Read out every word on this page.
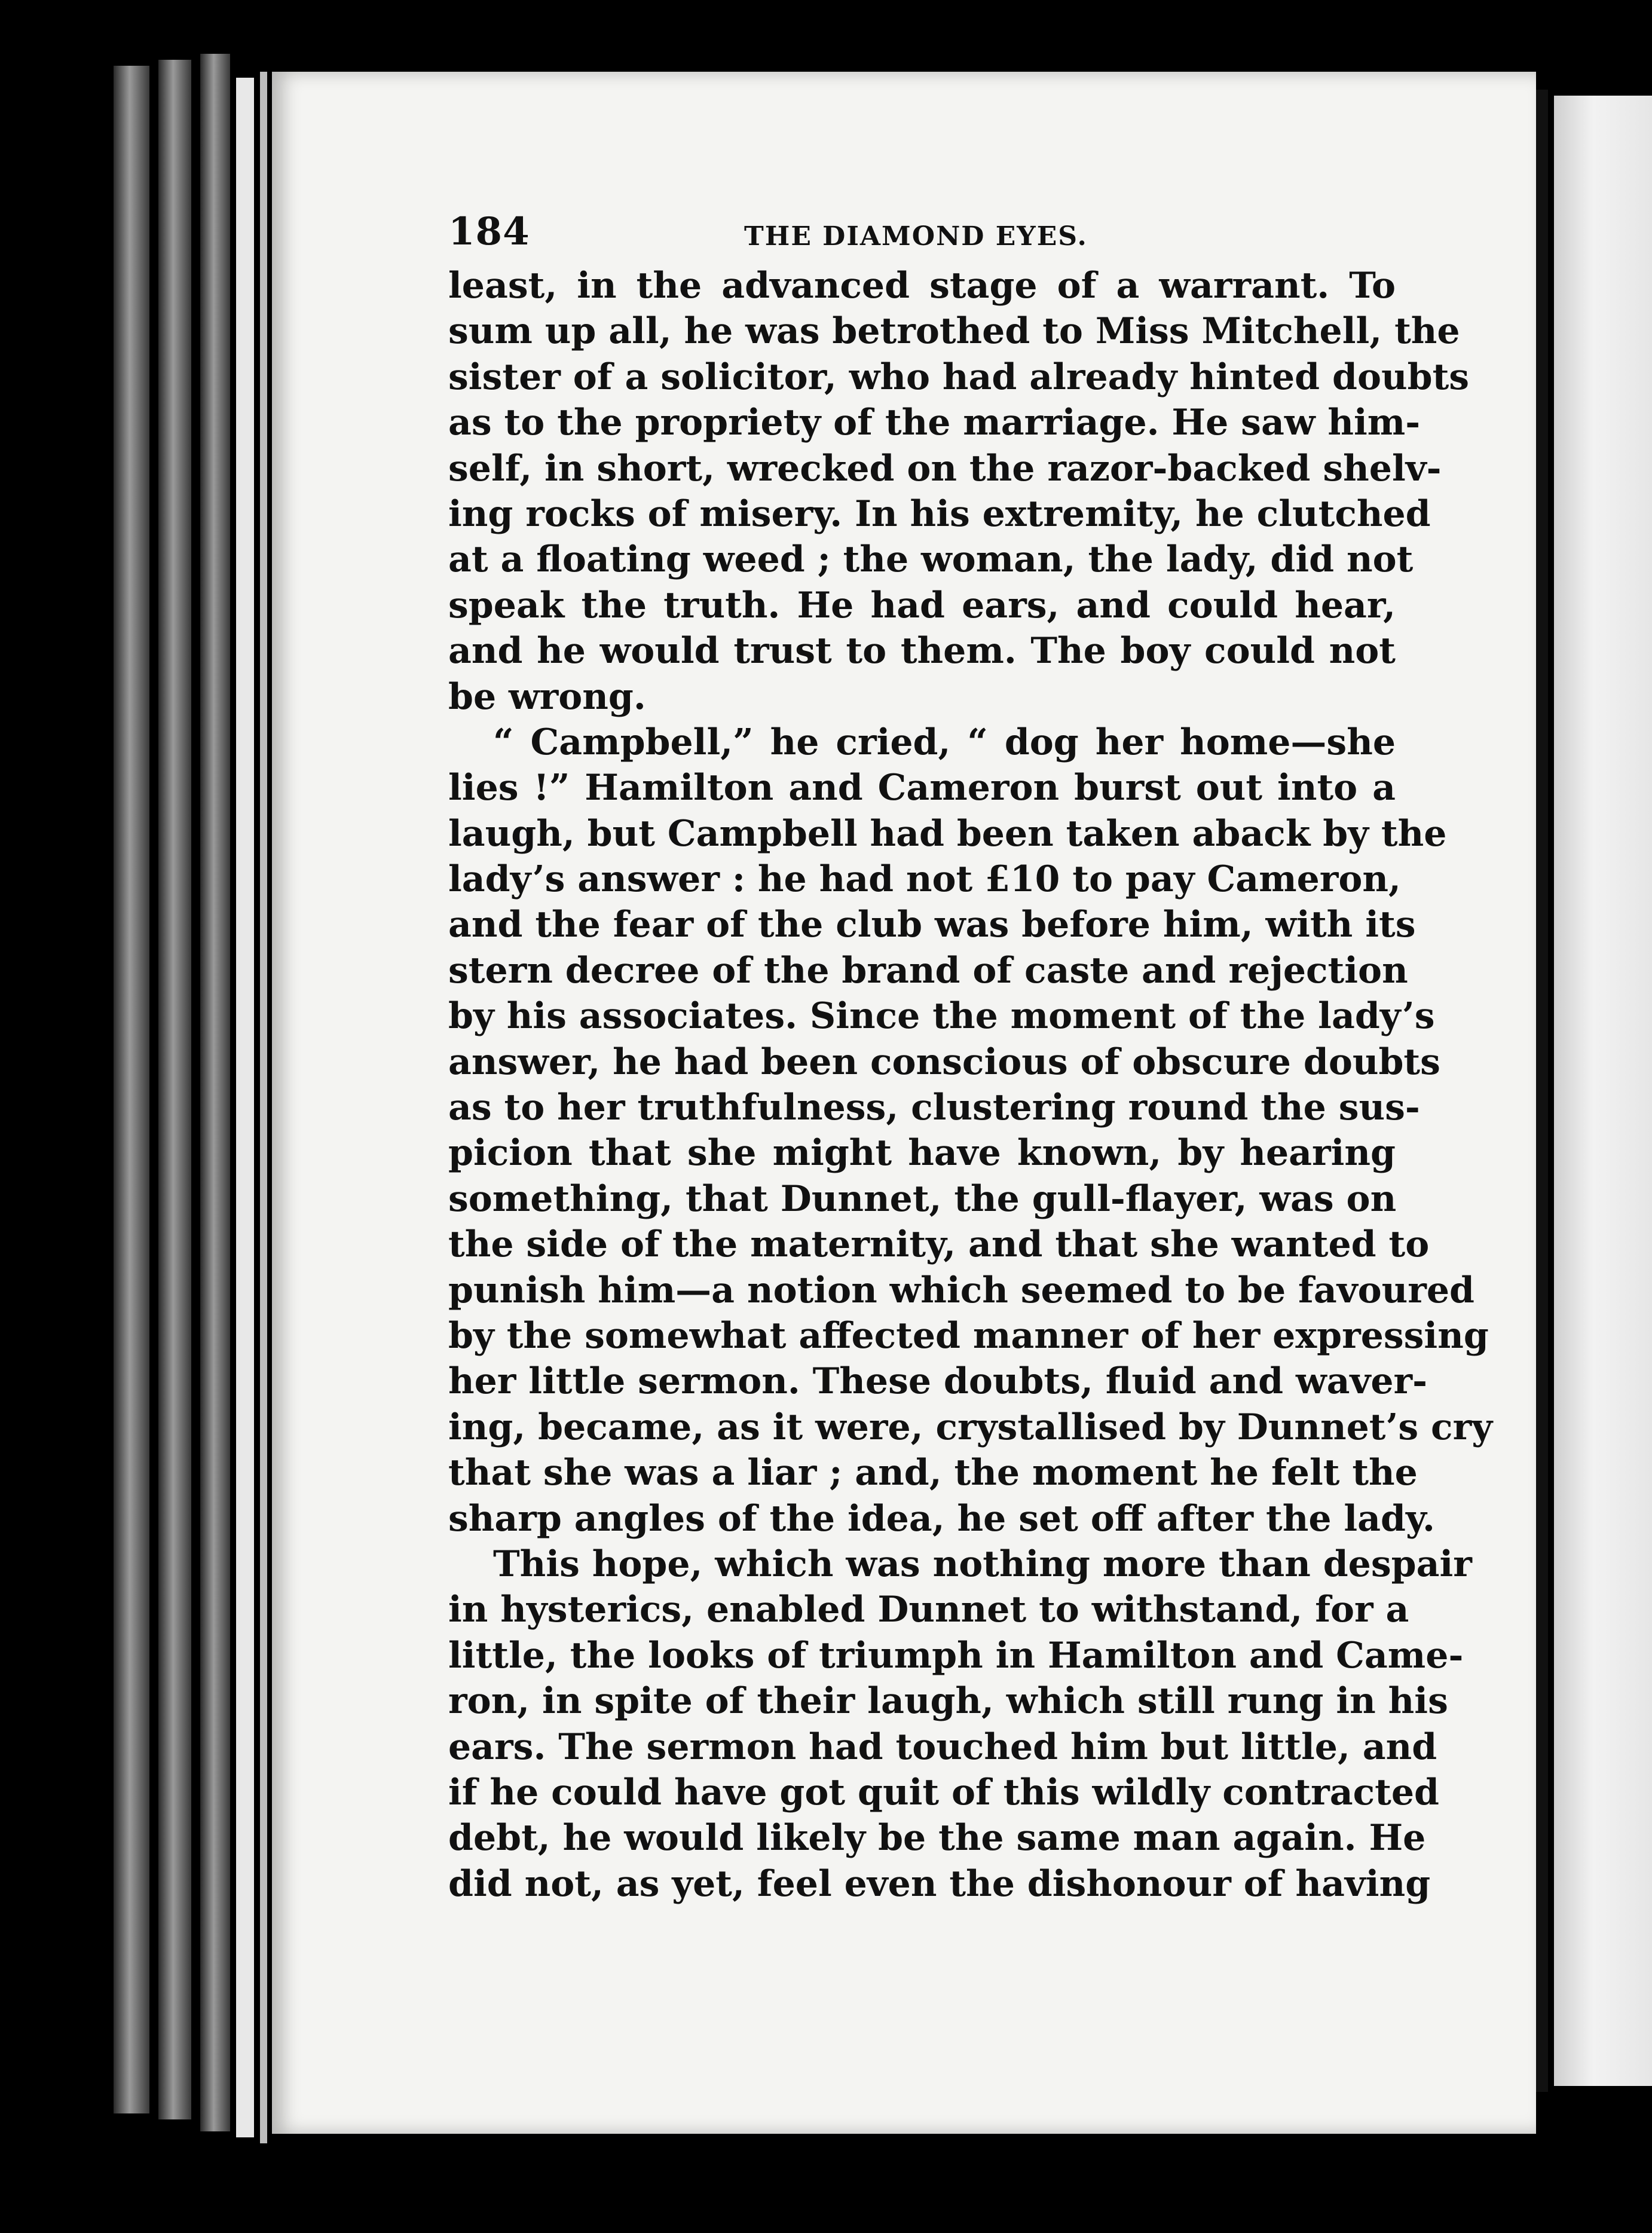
184	THE DIAMOND EYES.
least, in the advanced stage of a warrant. To
sum up all, he was betrothed to Miss Mitchell, the
sister of a solicitor, who had already hinted doubts
as to the propriety of the marriage. He saw him-
self, in short, wrecked on the razor-backed shelv-
ing rocks of misery. In his extremity, he clutched
at a floating weed ; the woman, the lady, did not
speak the truth. He had ears, and could hear,
and he would trust to them. The boy could not
be wrong.
“ Campbell,” he cried, “ dog her home—she
lies !” Hamilton and Cameron burst out into a
laugh, but Campbell had been taken aback by the
lady’s answer : he had not £10 to pay Cameron,
and the fear of the club was before him, with its
stern decree of the brand of caste and rejection
by his associates. Since the moment of the lady’s
answer, he had been conscious of obscure doubts
as to her truthfulness, clustering round the sus-
picion that she might have known, by hearing
something, that Dunnet, the gull-flayer, was on
the side of the maternity, and that she wanted to
punish him—a notion which seemed to be favoured
by the somewhat affected manner of her expressing
her little sermon. These doubts, fluid and waver-
ing, became, as it were, crystallised by Dunnet’s cry
that she was a liar ; and, the moment he felt the
sharp angles of the idea, he set off after the lady.
This hope, which was nothing more than despair
in hysterics, enabled Dunnet to withstand, for a
little, the looks of triumph in Hamilton and Came-
ron, in spite of their laugh, which still rung in his
ears. The sermon had touched him but little, and
if he could have got quit of this wildly contracted
debt, he would likely be the same man again. He
did not, as yet, feel even the dishonour of having
